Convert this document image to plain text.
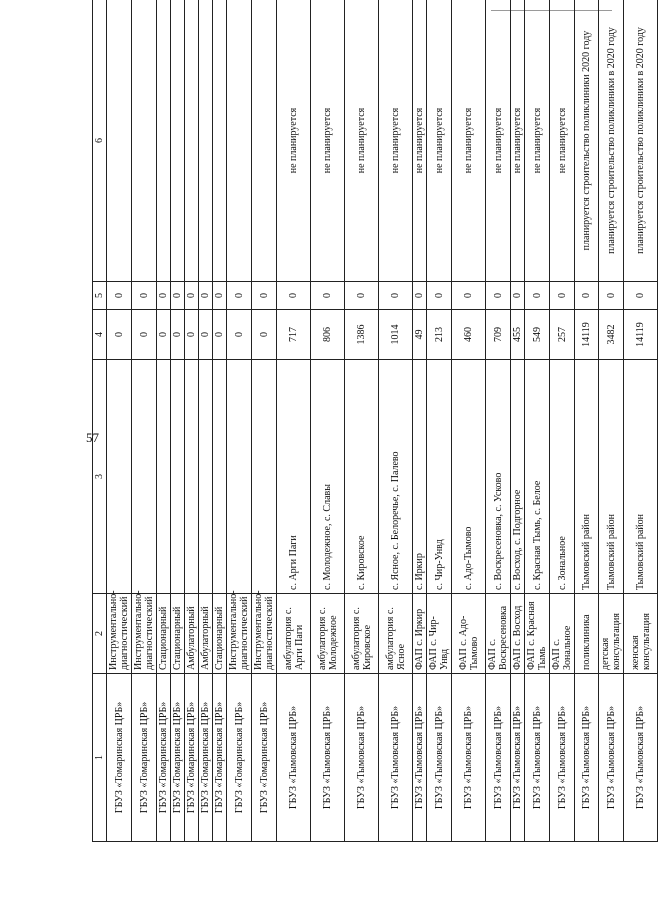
57
1	2	3	4	5	6
ГБУЗ «Томаринская ЦРБ»	Инструментально-диагностический		0	0	
ГБУЗ «Томаринская ЦРБ»	Инструментально-диагностический		0	0	
ГБУЗ «Томаринская ЦРБ»	Стационарный		0	0	
ГБУЗ «Томаринская ЦРБ»	Стационарный		0	0	
ГБУЗ «Томаринская ЦРБ»	Амбулаторный		0	0	
ГБУЗ «Томаринская ЦРБ»	Амбулаторный		0	0	
ГБУЗ «Томаринская ЦРБ»	Стационарный		0	0	
ГБУЗ «Томаринская ЦРБ»	Инструментально-диагностический		0	0	
ГБУЗ «Томаринская ЦРБ»	Инструментально-диагностический		0	0	
ГБУЗ «Тымовская ЦРБ»	амбулатория с. Арги Паги	с. Арги Паги	717	0	не планируется
ГБУЗ «Тымовская ЦРБ»	амбулатория с. Молодежное	с. Молодежное, с. Славы	806	0	не планируется
ГБУЗ «Тымовская ЦРБ»	амбулатория с. Кировское	с. Кировское	1386	0	не планируется
ГБУЗ «Тымовская ЦРБ»	амбулатория с. Ясное	с. Ясное, с. Белоречье, с. Палево	1014	0	не планируется
ГБУЗ «Тымовская ЦРБ»	ФАП с. Иркир	с. Иркир	49	0	не планируется
ГБУЗ «Тымовская ЦРБ»	ФАП с. Чир-Унвд	с. Чир-Унвд	213	0	не планируется
ГБУЗ «Тымовская ЦРБ»	ФАП с. Адо-Тымово	с. Адо-Тымово	460	0	не планируется
ГБУЗ «Тымовская ЦРБ»	ФАП с. Воскресеновка	с. Воскресеновка, с. Усково	709	0	не планируется
ГБУЗ «Тымовская ЦРБ»	ФАП с. Восход	с. Восход, с. Подгорное	455	0	не планируется
ГБУЗ «Тымовская ЦРБ»	ФАП с. Красная Тымь	с. Красная Тымь, с. Белое	549	0	не планируется
ГБУЗ «Тымовская ЦРБ»	ФАП с. Зональное	с. Зональное	257	0	не планируется
ГБУЗ «Тымовская ЦРБ»	поликлиника	Тымовский район	14119	0	планируется строительство поликлиники 2020 году
ГБУЗ «Тымовская ЦРБ»	детская консультация	Тымовский район	3482	0	планируется строительство поликлиники в 2020 году
ГБУЗ «Тымовская ЦРБ»	женская консультация	Тымовский район	14119	0	планируется строительство поликлиники в 2020 году
